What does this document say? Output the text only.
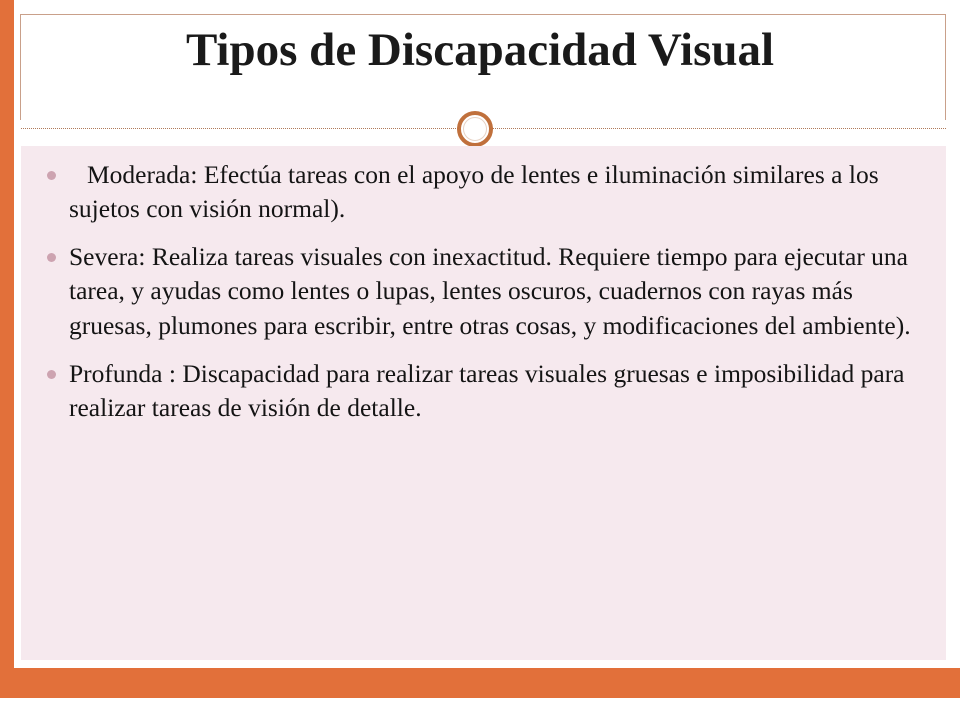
Tipos de Discapacidad Visual

Moderada: Efectúa tareas con el apoyo de lentes e iluminación similares a los sujetos con visión normal).

Severa: Realiza tareas visuales con inexactitud. Requiere tiempo para ejecutar una tarea, y ayudas como lentes o lupas, lentes oscuros, cuadernos con rayas más gruesas, plumones para escribir, entre otras cosas, y modificaciones del ambiente).

Profunda : Discapacidad para realizar tareas visuales gruesas e imposibilidad para realizar tareas de visión de detalle.
